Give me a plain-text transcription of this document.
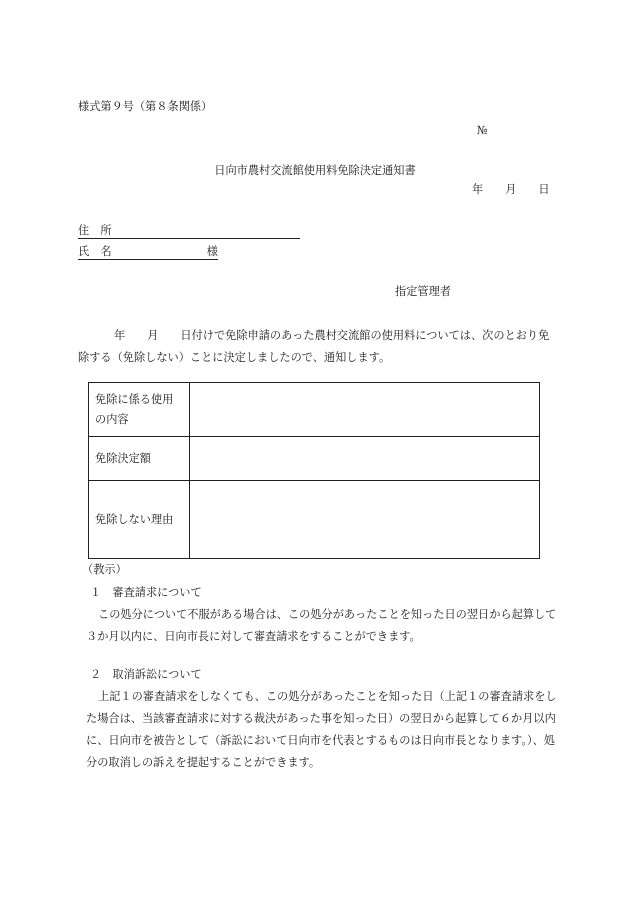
様式第９号（第８条関係）
№
日向市農村交流館使用料免除決定通知書
年 月 日
住　所
氏　名	様
指定管理者
年 月 日付けで免除申請のあった農村交流館の使用料については、次のとおり免除する（免除しない）ことに決定しましたので、通知します。
免除に係る使用の内容	
免除決定額	
免除しない理由	
（教示）
１　審査請求について
この処分について不服がある場合は、この処分があったことを知った日の翌日から起算して３か月以内に、日向市長に対して審査請求をすることができます。
２　取消訴訟について
上記１の審査請求をしなくても、この処分があったことを知った日（上記１の審査請求をした場合は、当該審査請求に対する裁決があった事を知った日）の翌日から起算して６か月以内に、日向市を被告として（訴訟において日向市を代表とするものは日向市長となります。）、処分の取消しの訴えを提起することができます。
